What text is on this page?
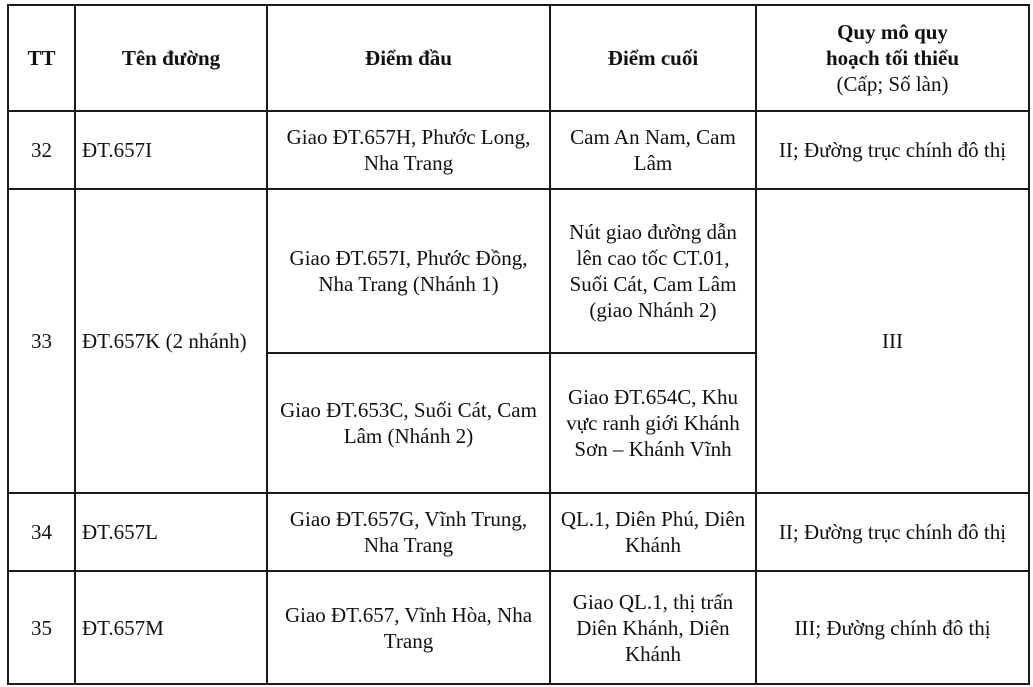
TT	Tên đường	Điểm đầu	Điểm cuối	Quy mô quy
hoạch tối thiểu
(Cấp; Số làn)

32	ĐT.657I	Giao ĐT.657H, Phước Long, Nha Trang	Cam An Nam, Cam Lâm	II; Đường trục chính đô thị
33	ĐT.657K (2 nhánh)	Giao ĐT.657I, Phước Đồng, Nha Trang (Nhánh 1)	Nút giao đường dẫn lên cao tốc CT.01, Suối Cát, Cam Lâm (giao Nhánh 2)	III
		Giao ĐT.653C, Suối Cát, Cam Lâm (Nhánh 2)	Giao ĐT.654C, Khu vực ranh giới Khánh Sơn – Khánh Vĩnh	
34	ĐT.657L	Giao ĐT.657G, Vĩnh Trung, Nha Trang	QL.1, Diên Phú, Diên Khánh	II; Đường trục chính đô thị
35	ĐT.657M	Giao ĐT.657, Vĩnh Hòa, Nha Trang	Giao QL.1, thị trấn Diên Khánh, Diên Khánh	III; Đường chính đô thị
